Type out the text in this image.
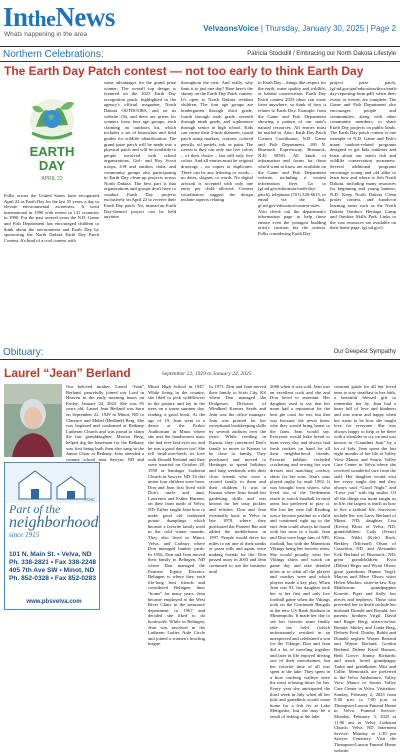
IntheNews
Whats happening in the area
VelvaonsVoice | Thursday, January 30, 2025 | Page 2
Northern Celebrations:	Patricia Stockdill / Embracing our North Dakota Lifestyle
The Earth Day Patch contest — not too early to think Earth Day
EARTH
DAY
APRIL 22
Folks across the United States have recognized April 22 as Earth Day for the last 55 years, a day to elevate environmental awareness. It went international in 1990 with events in 141 countries in 1990. For the past several years the N.D. Game and Fish Department has encouraged children to think about the environment and Earth Day by sponsoring the North Dakota Earth Day Patch Contest. It's kind of a cool contest with
some advantages for the grand prize winner: The overall top design is featured on the 2025 Earth Day recognition patch, highlighted in the agency's official magazine, North Dakota OUTDOORS, and on its website. Oh, and there are prizes for winners from four age groups, each claiming an outdoors kit, which includes a set of binoculars and field guides for wildlife identification. The grand prize patch will be made into a physical patch and will be available to people involved with school organizations, Girl- and Boy Scout troops, 4-H and outdoor clubs, and community groups also participating in Earth Day clean-up projects across North Dakota. The best part is that organizations and groups don't have to conduct Earth Day projects exclusively on April 22 to receive their Earth Day patch. No, instead an Earth Day-themed project can be held anytime
throughout the year. And really, why limit it to just one day? Here here's the skinny on the Earth Day Patch contest: It's open to North Dakota resident children. The four age groups are kindergarten through third grade, fourth through sixth grade, seventh through ninth grade, and sophomore through senior in high school. Kids can create their 3-inch diameter, round patch using markers, crayons, colored pencils, oil pastels, ink, or paint. The caveat is they can only use five colors – of their choice – but still only five colors. And all entries must be original drawings – no copies or duplicates. There can be any lettering or words – no dates, slogans, or words. No digital artwork is accepted with only one entry per child allowed. Contest coordinators suggest the design include aspects relating
to Earth Day – things like respect for the earth, water quality and wildlife, or habitat conservation. Earth Day Patch contest 2025 ideas can come from anywhere, so think of how it relates to Earth Day. Example, from the Game and Fish Department showing a pattern of our state's natural resources. All entries must be mailed to: Attn.: Earth Day Patch Contest Coordinator, N.D. Game and Fish Department, 100 N. Bismarck Expressway, Bismarck, N.D. 58501. All kinds of information and forms for those who'd want to know are available on the Game and Fish Department website, including a contest information flyer. Go to (gf.nd.gov/education/earth-day-patch), telephone (701) 328-6615, or email via the link, gf.nd.gov/education/contest-rules. Also check out the department's information page to help those ensure even the youngest budding artist's creation fits the criteria. Folks considering Earth Day
project prize patch, (gf.nd.gov/gnf/education/docs/earth-day-reporting-form.pdf) when their event, or events, are complete. The Game and Fish Department also encourages people and communities, along with other community members, to share Earth Day projects on public lands. The Earth Day patch contest is one example of N.D. Game and Fish's many outdoor-related programs designed to get kids outdoors and learn about our state's fish and wildlife conservation awareness. Several additional programs encourage young and old alike to learn how and where to fish North Dakota, including many resources for beginning and young hunters, N.D. Keep North Dakota Clean poster contest, and hands-on learning areas such as the North Dakota Outdoor Heritage Camp and Outdoor Skills Park. Links to the vast resources are available on their home page, (gf.nd.gov).
Obituary:	Our Deepest Sympathy
Laurel “Jean” Berland	September 22, 1929 to January 24, 2025
Our beloved mother, Laurel “Jean” Berland, peacefully joined our Lord in Heaven in the early morning hours on Friday, January 24, 2025. She was 95 years old. Laurel Jean Berland was born on September 22, 1929 in Minot, ND to Clarence and Mabel (Hedland) Berg. She was baptized and confirmed at Bethany Lutheran Church and was proud to claim the last granddaughter. Marcus Berg, helped dig the basement for the Bethany was first being built then also sang in the Junior Choir at Bethany. Jean attended a country school near Sawyer, ND and
Minot High School in 1947. While living in the country, she liked to pick wildflowers in the pasture and lay in the trees on a warm summer day, reading a good book. At the age of 19, Jean went to a dance at the Parker Auditorium in Minot where she met the handsomest man, she had ever laid eyes on, and he was a good dancer too! She fell head-over-heels in love with Donald Berland and they were married on October 28, 1950 at Sandager Lutheran Church in Sawyer, ND. To this union four children were born. Don and Jean first lived with Don's uncle and aunt, Lawrence and Esther Harmes, on their farm north of Velva, ND. Either taught Jean how to make good old fashioned potato dumplings which became a favorite family meal in the cold winter months. They also lived in Minot, Velva, and Carbury where Don managed lumber yards. In 1956, Don and Jean moved their family to Belingen, ND where Don managed the Farmers Equity Elevator. Belingen is where they each life-long best friends and considered Belingen their “home” for many years. Jean became employed at the West River Clinic in the insurance department in 1967 and decided she liked to do bookwork. While in Belingen, Jean was involved in the Lutheran Ladies Aide Circle and joined a women's bowling league.
In 1971, Don and Jean moved their family to Scott City, KS where Don managed the Dodgeson Division of Windheel Kramer Seeds and Jean was the office manager. Jean was praised for her exceptional bookkeeping skills by several auditors over the years. While residing in Kansas, they convinced Don's family to move to Kansas to be close to family. They purchased and moved to Hettinger to spend holidays and long weekends with their close friends who were a second family to them and their children. It was in Kansas where Jean found her gardening skills and was known for her tasty pickles and relishes. Don and Jean eventually back to Velva in late 1978 where they purchased the Pioneer Bar and added the mobilehome in 1997. People would drive for miles to eat one of their steaks or pizza rolls and again, were making friends for life. Don passed away in 2003 and Jean continued to run the business until
2006 when it was sold. Jean was an excellent cook and she and Don loved to entertain. Her daughter used to say that her mom had a reputation for the best pie crust for ten, but that was because she never knew who they would bring home to the farm. Jean would say. Everyone would bake bread or buns every day and always had fresh cookies on hand for all their neighborhood friends. Favorite hobbies included crocheting and sewing her own dresses and matching cowboy shirts for her sons. Jean's sons played rugby by until 1992. It was brought from sisters, who lived out of the Tiedemann ranch to watch baseball in rural areas but preferred to play it. She lost her ease full Reading was a favorite pastime as a child and continued right up to the end. Jean could always be found with her nose in a book. Jean and Don were huge fans of NFL football, but with the Minnesota Vikings being her favorite team. She would proudly wear her Vikings shirts and watch on game day and take detailed notes as to what all the players and coaches were and which players made a key play. When Jean was 91, her daughter took her to her first and only live football game when the Vikings took on the Cincinnati Bengals at the new US Bank Stadium in Minneapolis. It made her day to see her favorite team finally take the field (which unfortunately resulted in an unexpected and celebrated a win for the Vikings. Don and Jean did a lot of traveling together and later in life enjoyed driving one of their motorhomes, but her favorite time of all was spent at the lake. They spent in a boat catching walleye were the most relaxing times for her. Every year she anticipated the third week in July when all her kids and grandkids would come home for a fish fry at Lake Metigoshe, but she may be a result of fishing at the lake.
constant guide for all her loved ones to stay steadfast to her faith, a beautiful blessed gift to remember her by. Jean had a heart full of love and kindness and was warm and happy when her mom to be how she taught love for everyone. She was always happy to help or be there with a shoulder to cry on and was known as “Grandma Jean” by a lot of kids. Jean spent the last eight months of her life at Valley View Manor and Souris Valley Care Center in Velva where she received wonderful care from the staff. Her daughter would visit her every single day and they always said “Good Night” and “Love you” with big smiles. Of all the things our mom taught us in life, the largest is teach us how to live a faithful life. Survivors include her son Larry Berland of Minot, ND; daughter Lisa (Kevin) Kloss of Velva, ND; grandchildren: Cody (Jessie) Kloss, Nikki (Kyle) Bach, Berkley (Michael) Olson of Casselton, ND, and Alexander Erik Berland of Bismarck, ND; great grandchildren: Kyra (Dillon) Hegre and Wyatt Olson; great grandsons Hunter Vogel, Marcus and Mace Olson; sister Helen Mackin; sister-in-law Kay Mahlstrom; grandpuppies Kosette, Piper and Sally; her nieces and nephews. Those who preceded her in death include her husband Donald and Ronald; her parents: brothers Virgil, David and Roger Berg; sisters-in-law Bonnie; Shirley and Linda Berg, Delores Ferd; Dorthy, Bobbi and Donald; nephew Wayne Berland and Wayne Berland, Gordon Berland, Delene Karol Hansen, Beth Grove; Jimmy Richards; and much loved grandpuppy Tasha and grandkitten Mist and Callie. Memorials are preferred to the Velva Ambulance, Valley View Manor or Souris Valley Care Center in Velva. Visitation: Sunday, February 2, 2025 from 5:00 p.m. to 7:00 p.m. at Thompson-Larson Funeral Home in Velva. Funeral Service: Monday, February 3, 2025 at 11:00 am at Velva Lutheran Church, Velva, ND. Interment Service: Monday at 1:30 pm Sawyer Cemetery. Visit the Thompson-Larson Funeral Home website.
FDIC
Part of the
neighborhood
since 1915
101 N. Main St. • Velva, ND
Ph. 338-2821 • Fax 338-2248
405 7th Ave SW • Minot, ND
Ph. 852-0328 • Fax 852-0283
www.pbsvelva.com
